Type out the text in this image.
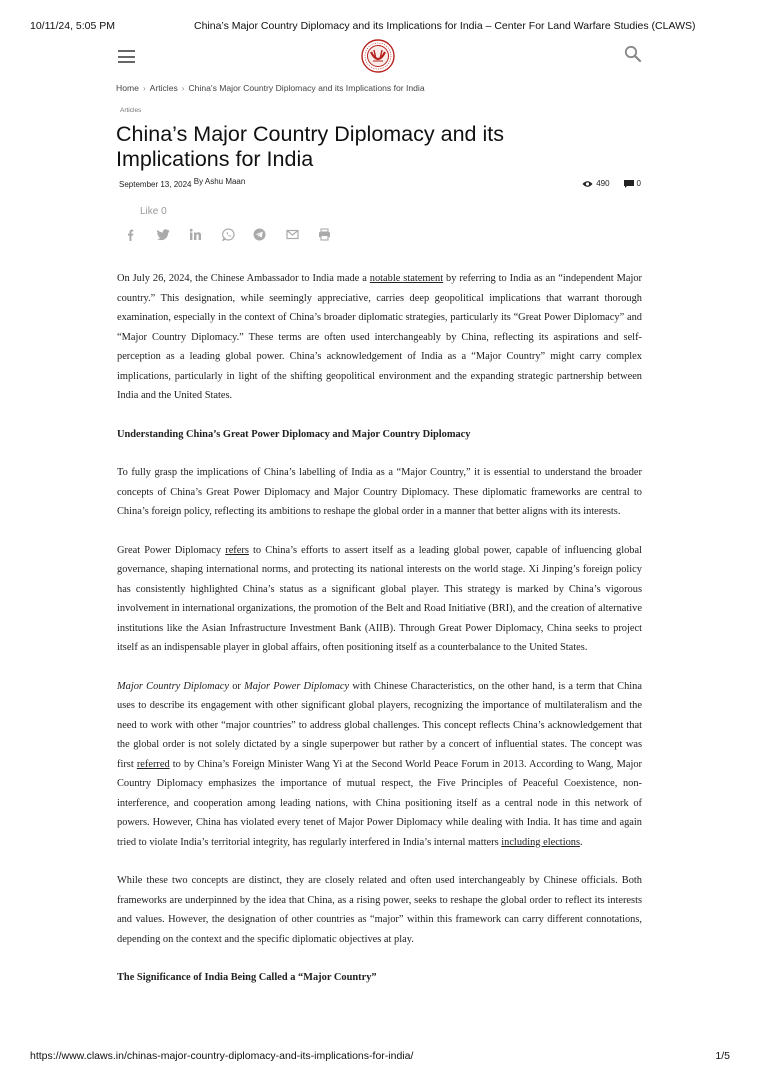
10/11/24, 5:05 PM	China’s Major Country Diplomacy and its Implications for India – Center For Land Warfare Studies (CLAWS)
Home › Articles › China's Major Country Diplomacy and its Implications for India
Articles
China’s Major Country Diplomacy and its Implications for India
September 13, 2024 By Ashu Maan	490	0
Like 0

On July 26, 2024, the Chinese Ambassador to India made a notable statement by referring to India as an “independent Major country.” This designation, while seemingly appreciative, carries deep geopolitical implications that warrant thorough examination, especially in the context of China’s broader diplomatic strategies, particularly its “Great Power Diplomacy” and “Major Country Diplomacy.” These terms are often used interchangeably by China, reflecting its aspirations and self-perception as a leading global power. China’s acknowledgement of India as a “Major Country” might carry complex implications, particularly in light of the shifting geopolitical environment and the expanding strategic partnership between India and the United States.

Understanding China’s Great Power Diplomacy and Major Country Diplomacy

To fully grasp the implications of China’s labelling of India as a “Major Country,” it is essential to understand the broader concepts of China’s Great Power Diplomacy and Major Country Diplomacy. These diplomatic frameworks are central to China’s foreign policy, reflecting its ambitions to reshape the global order in a manner that better aligns with its interests.

Great Power Diplomacy refers to China’s efforts to assert itself as a leading global power, capable of influencing global governance, shaping international norms, and protecting its national interests on the world stage. Xi Jinping’s foreign policy has consistently highlighted China’s status as a significant global player. This strategy is marked by China’s vigorous involvement in international organizations, the promotion of the Belt and Road Initiative (BRI), and the creation of alternative institutions like the Asian Infrastructure Investment Bank (AIIB). Through Great Power Diplomacy, China seeks to project itself as an indispensable player in global affairs, often positioning itself as a counterbalance to the United States.

Major Country Diplomacy or Major Power Diplomacy with Chinese Characteristics, on the other hand, is a term that China uses to describe its engagement with other significant global players, recognizing the importance of multilateralism and the need to work with other “major countries” to address global challenges. This concept reflects China’s acknowledgement that the global order is not solely dictated by a single superpower but rather by a concert of influential states. The concept was first referred to by China’s Foreign Minister Wang Yi at the Second World Peace Forum in 2013. According to Wang, Major Country Diplomacy emphasizes the importance of mutual respect, the Five Principles of Peaceful Coexistence, non-interference, and cooperation among leading nations, with China positioning itself as a central node in this network of powers. However, China has violated every tenet of Major Power Diplomacy while dealing with India. It has time and again tried to violate India’s territorial integrity, has regularly interfered in India’s internal matters including elections.

While these two concepts are distinct, they are closely related and often used interchangeably by Chinese officials. Both frameworks are underpinned by the idea that China, as a rising power, seeks to reshape the global order to reflect its interests and values. However, the designation of other countries as “major” within this framework can carry different connotations, depending on the context and the specific diplomatic objectives at play.

The Significance of India Being Called a “Major Country”

https://www.claws.in/chinas-major-country-diplomacy-and-its-implications-for-india/	1/5
